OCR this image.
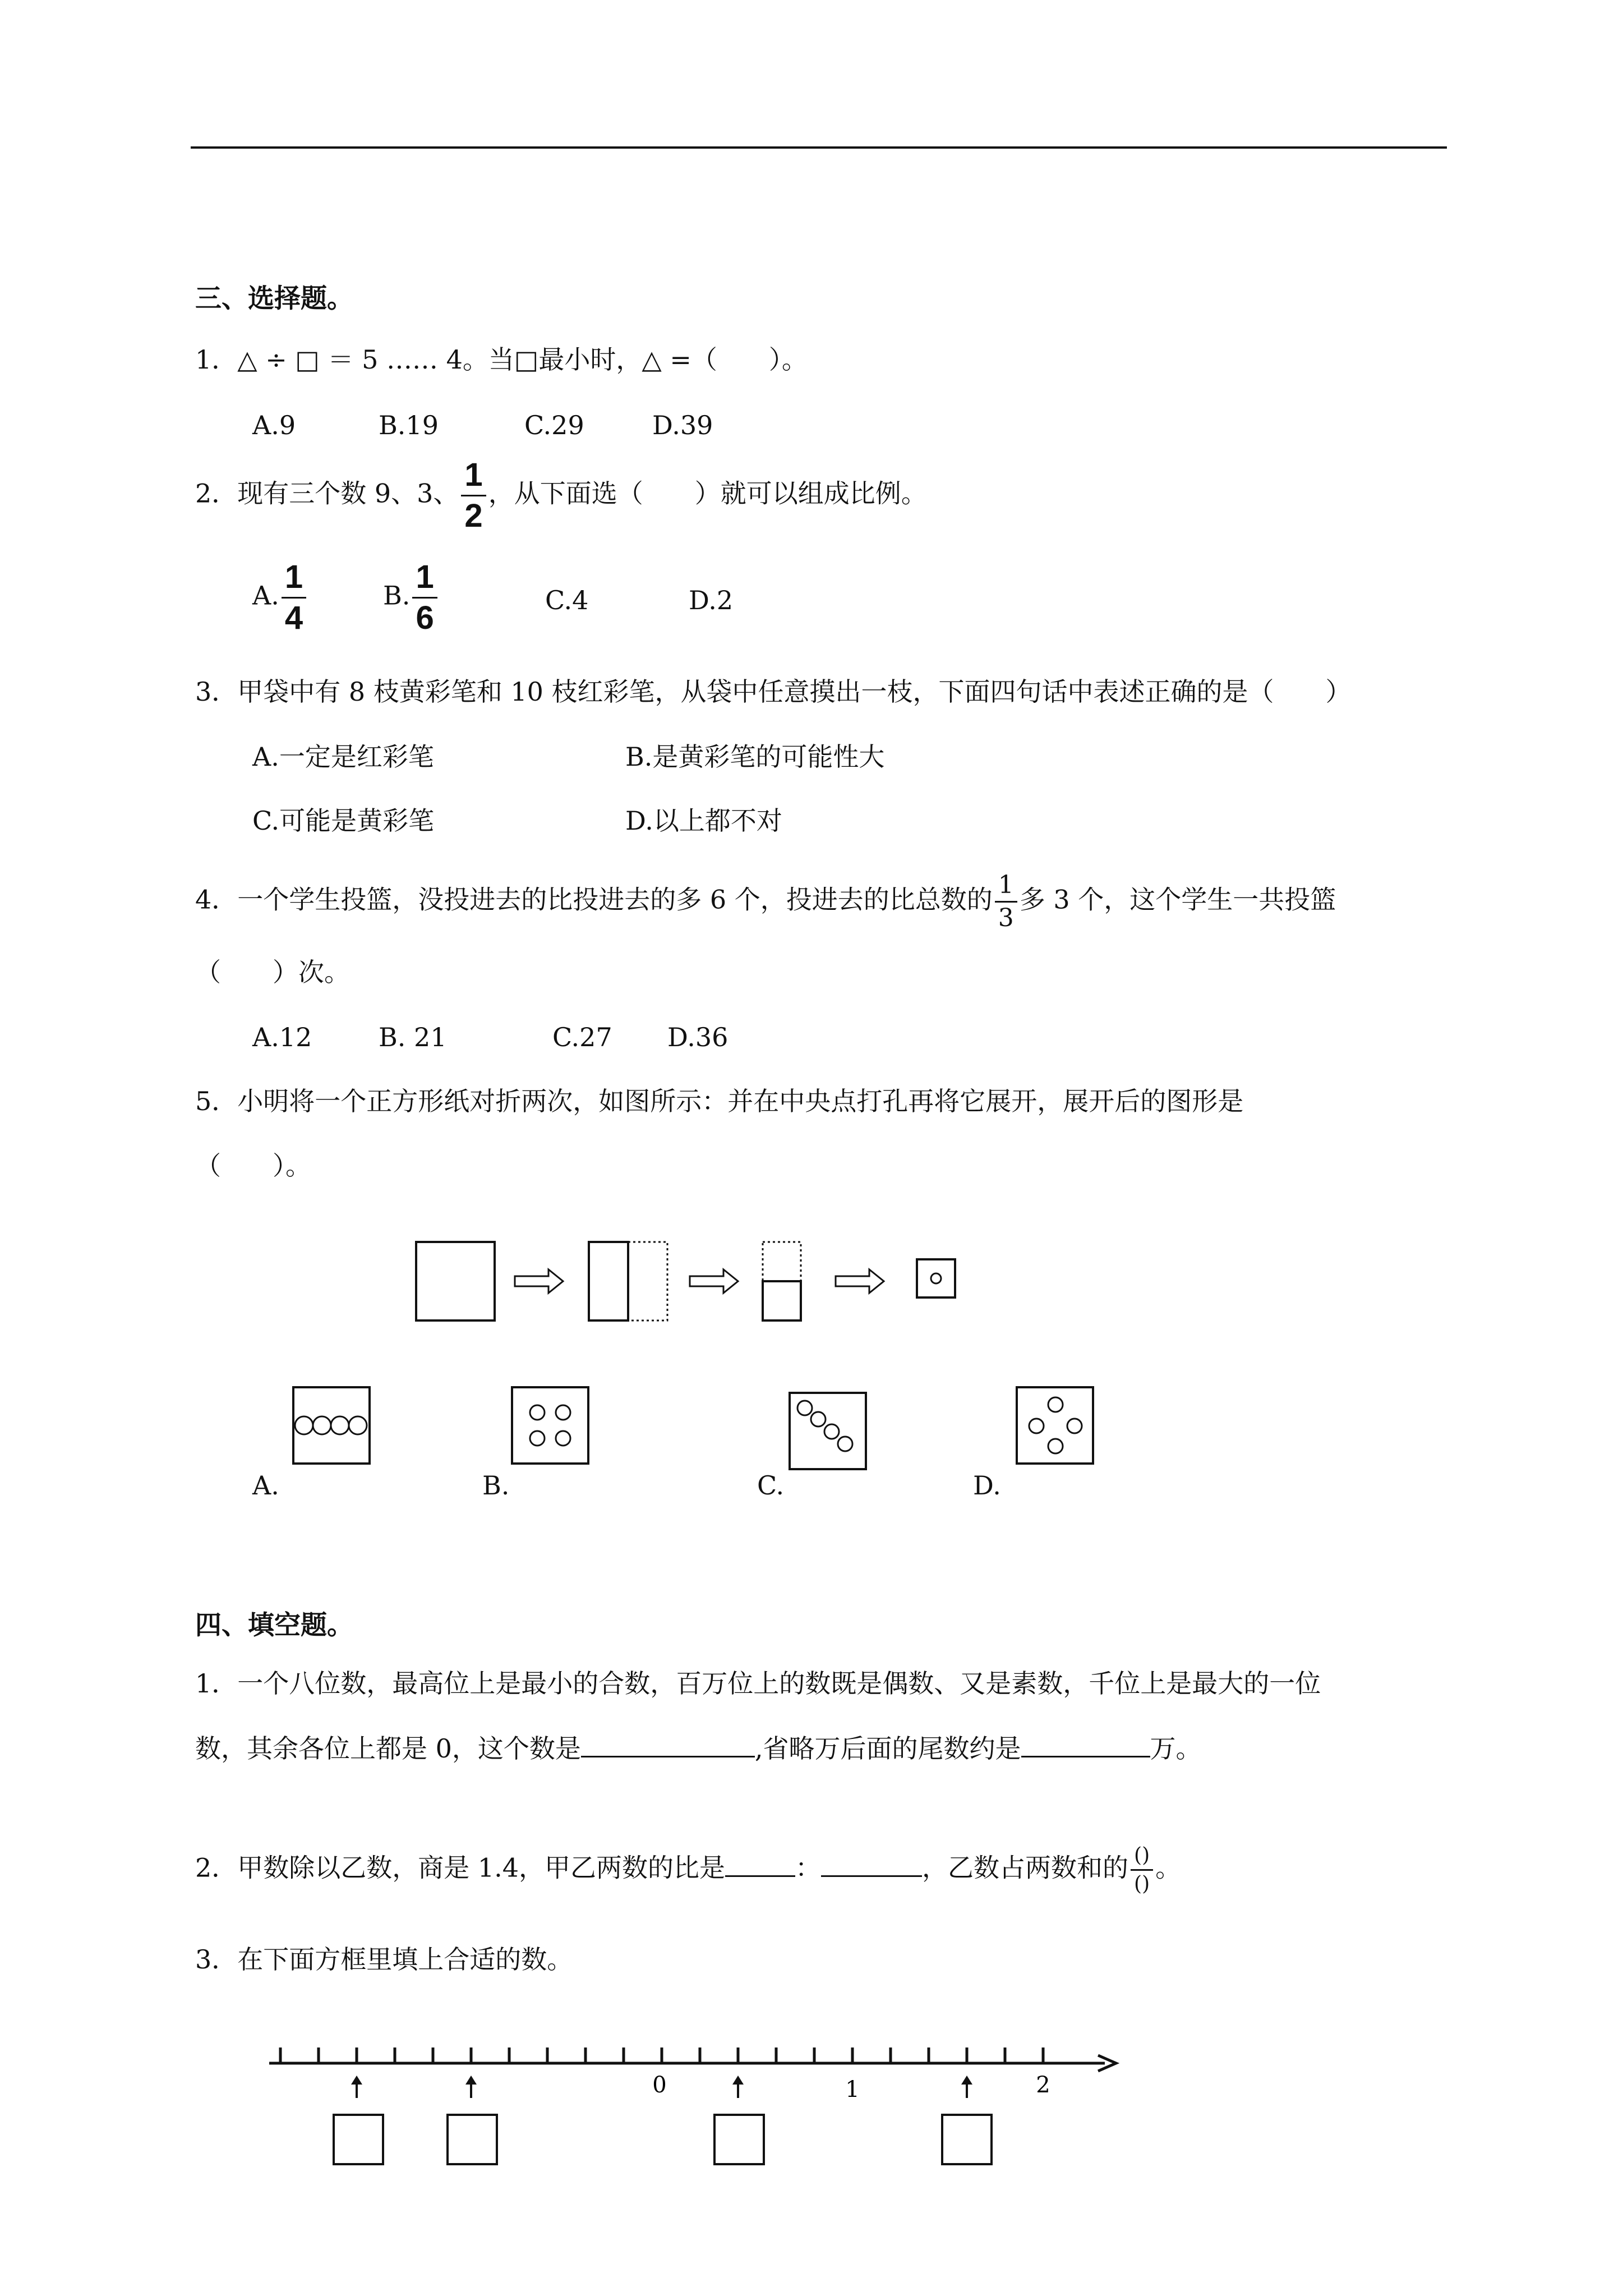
三、选择题。
1．△ ÷ □ ＝ 5 …… 4。当□最小时，△ =（　　）。
A.9	B.19	C.29	D.39
2．现有三个数 9、3、 $\frac{1}{2}$ ，从下面选（　　）就可以组成比例。
A. $\frac{1}{4}$	B. $\frac{1}{6}$	C.4	D.2
3．甲袋中有 8 枝黄彩笔和 10 枝红彩笔，从袋中任意摸出一枝，下面四句话中表述正确的是（　　）
A.一定是红彩笔	B.是黄彩笔的可能性大
C.可能是黄彩笔	D.以上都不对
4．一个学生投篮，没投进去的比投进去的多 6 个，投进去的比总数的 $\frac{1}{3}$ 多 3 个，这个学生一共投篮
（　　）次。
A.12	B. 21	C.27 D.36
5．小明将一个正方形纸对折两次，如图所示：并在中央点打孔再将它展开，展开后的图形是
（　　）。
A.	B.	C.	D.
四、填空题。
1．一个八位数，最高位上是最小的合数，百万位上的数既是偶数、又是素数，千位上是最大的一位
数，其余各位上都是 0，这个数是	,省略万后面的尾数约是	万。
2．甲数除以乙数，商是 1.4，甲乙两数的比是	：	，乙数占两数和的 $\frac{()}{()}$ 。
3．在下面方框里填上合适的数。
0	1	2
